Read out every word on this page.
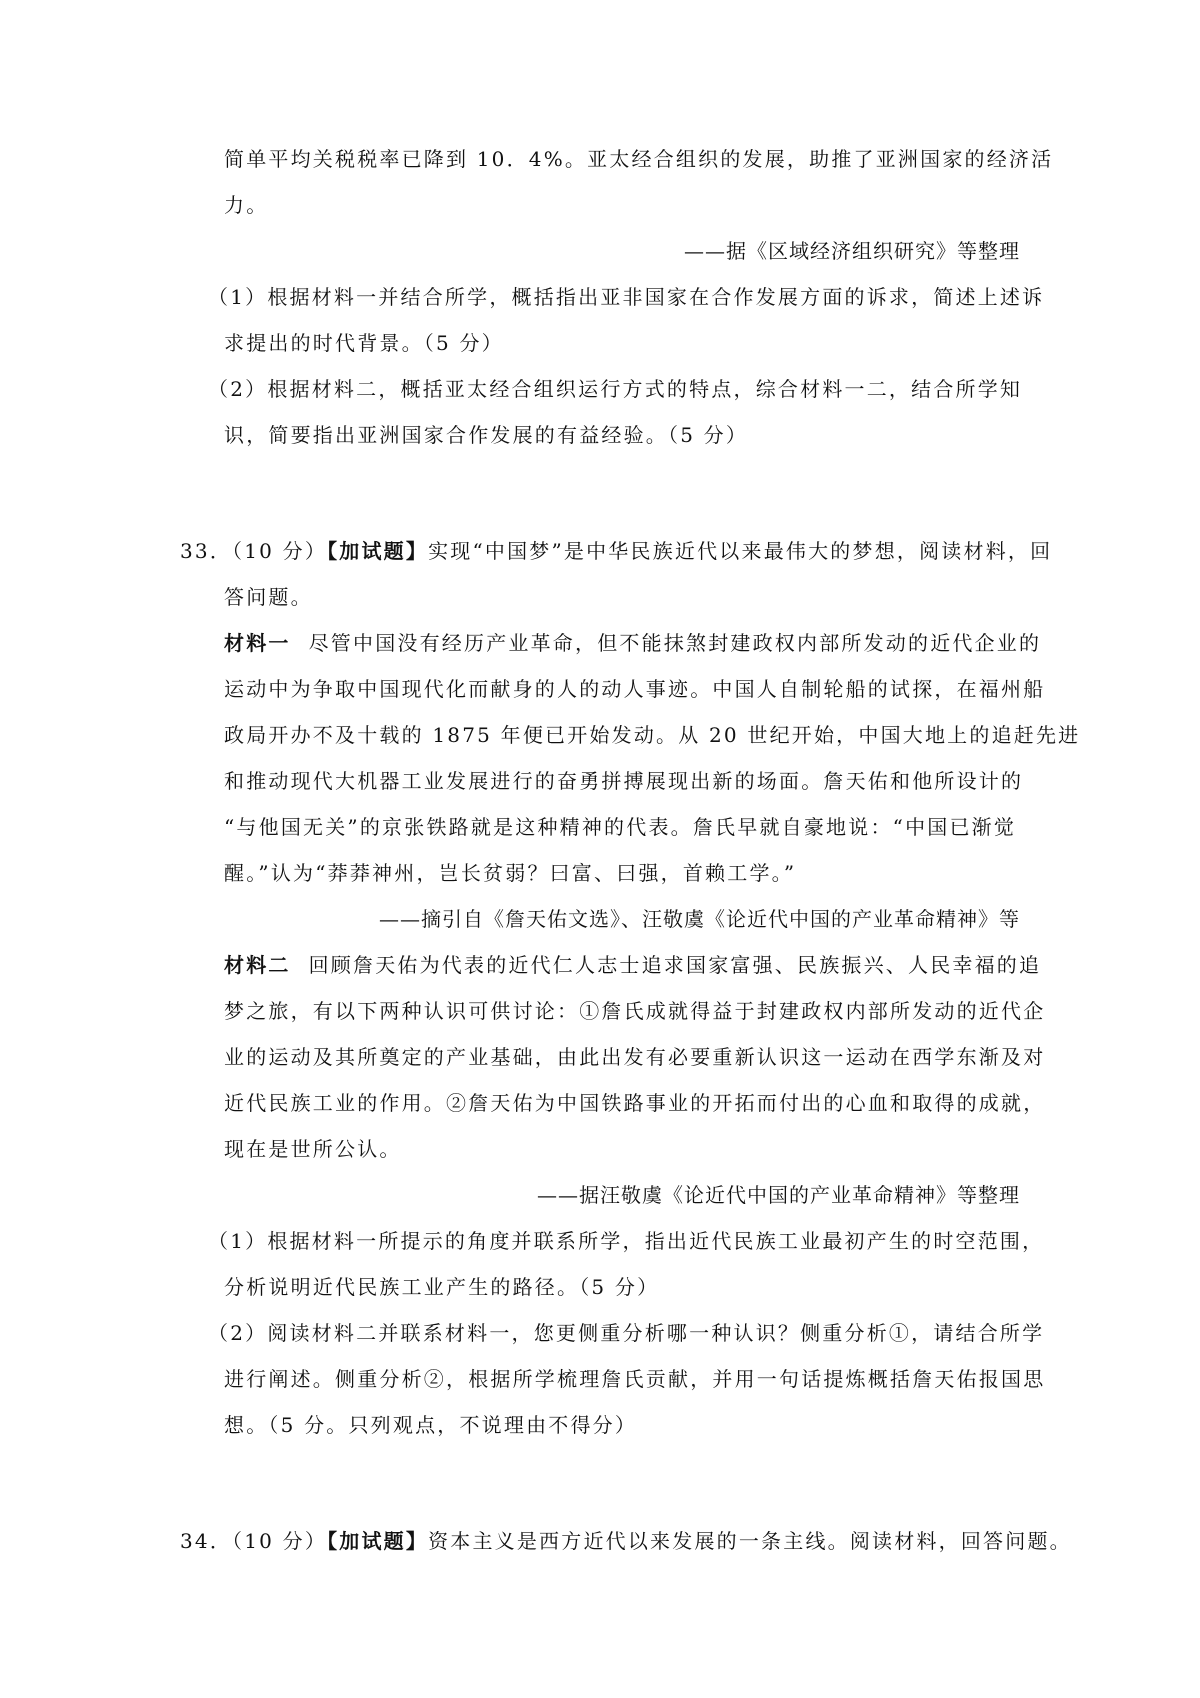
简单平均关税税率已降到 10．4%。亚太经合组织的发展，助推了亚洲国家的经济活
力。
——据《区域经济组织研究》等整理
（1）根据材料一并结合所学，概括指出亚非国家在合作发展方面的诉求，简述上述诉
求提出的时代背景。（5 分）
（2）根据材料二，概括亚太经合组织运行方式的特点，综合材料一二，结合所学知
识，简要指出亚洲国家合作发展的有益经验。（5 分）
33．（10 分）【加试题】实现“中国梦”是中华民族近代以来最伟大的梦想，阅读材料，回
答问题。
材料一 尽管中国没有经历产业革命，但不能抹煞封建政权内部所发动的近代企业的
运动中为争取中国现代化而献身的人的动人事迹。中国人自制轮船的试探，在福州船
政局开办不及十载的 1875 年便已开始发动。从 20 世纪开始，中国大地上的追赶先进
和推动现代大机器工业发展进行的奋勇拼搏展现出新的场面。詹天佑和他所设计的
“与他国无关”的京张铁路就是这种精神的代表。詹氏早就自豪地说：“中国已渐觉
醒。”认为“莽莽神州，岂长贫弱？曰富、曰强，首赖工学。”
——摘引自《詹天佑文选》、汪敬虞《论近代中国的产业革命精神》等
材料二 回顾詹天佑为代表的近代仁人志士追求国家富强、民族振兴、人民幸福的追
梦之旅，有以下两种认识可供讨论：①詹氏成就得益于封建政权内部所发动的近代企
业的运动及其所奠定的产业基础，由此出发有必要重新认识这一运动在西学东渐及对
近代民族工业的作用。②詹天佑为中国铁路事业的开拓而付出的心血和取得的成就，
现在是世所公认。
——据汪敬虞《论近代中国的产业革命精神》等整理
（1）根据材料一所提示的角度并联系所学，指出近代民族工业最初产生的时空范围，
分析说明近代民族工业产生的路径。（5 分）
（2）阅读材料二并联系材料一，您更侧重分析哪一种认识？侧重分析①，请结合所学
进行阐述。侧重分析②，根据所学梳理詹氏贡献，并用一句话提炼概括詹天佑报国思
想。（5 分。只列观点，不说理由不得分）
34．（10 分）【加试题】资本主义是西方近代以来发展的一条主线。阅读材料，回答问题。
